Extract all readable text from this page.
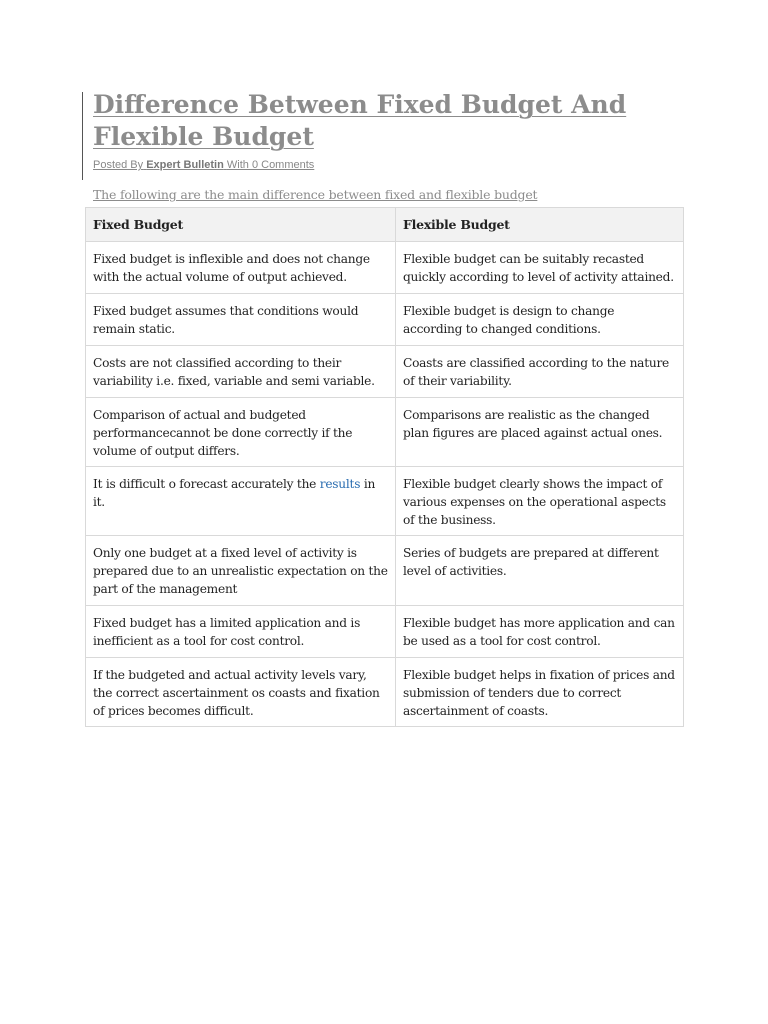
Difference Between Fixed Budget And Flexible Budget
Posted By Expert Bulletin With 0 Comments
The following are the main difference between fixed and flexible budget
Fixed Budget	Flexible Budget
Fixed budget is inflexible and does not change with the actual volume of output achieved.	Flexible budget can be suitably recasted quickly according to level of activity attained.
Fixed budget assumes that conditions would remain static.	Flexible budget is design to change according to changed conditions.
Costs are not classified according to their variability i.e. fixed, variable and semi variable.	Coasts are classified according to the nature of their variability.
Comparison of actual and budgeted performancecannot be done correctly if the volume of output differs.	Comparisons are realistic as the changed plan figures are placed against actual ones.
It is difficult o forecast accurately the results in it.	Flexible budget clearly shows the impact of various expenses on the operational aspects of the business.
Only one budget at a fixed level of activity is prepared due to an unrealistic expectation on the part of the management	Series of budgets are prepared at different level of activities.
Fixed budget has a limited application and is inefficient as a tool for cost control.	Flexible budget has more application and can be used as a tool for cost control.
If the budgeted and actual activity levels vary, the correct ascertainment os coasts and fixation of prices becomes difficult.	Flexible budget helps in fixation of prices and submission of tenders due to correct ascertainment of coasts.
